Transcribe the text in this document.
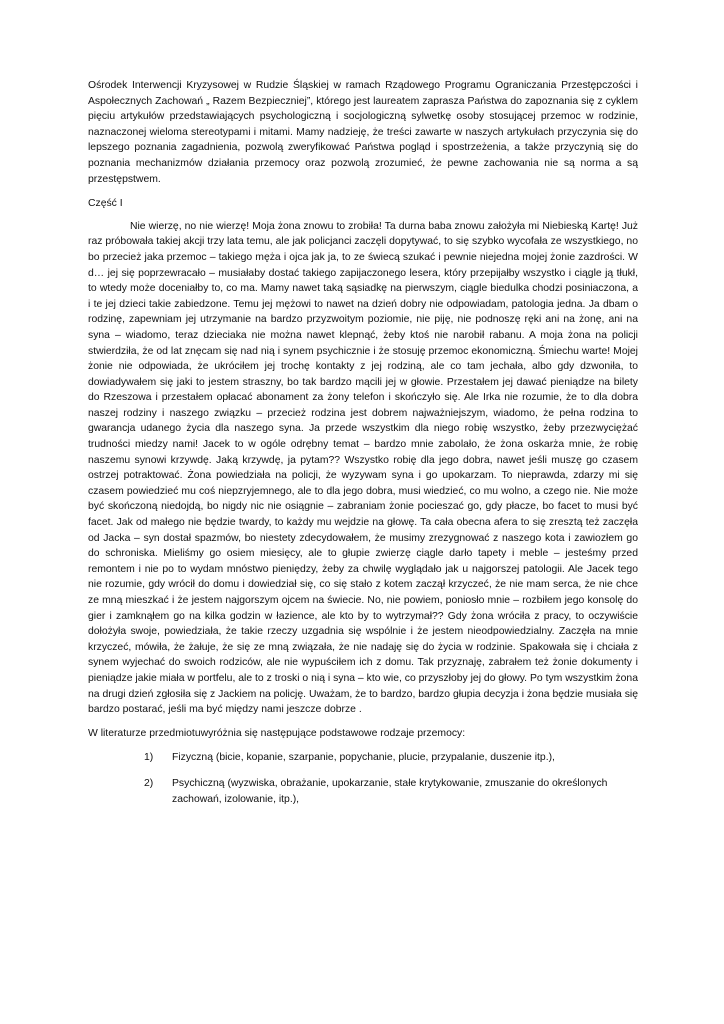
Ośrodek Interwencji Kryzysowej w Rudzie Śląskiej w ramach Rządowego Programu Ograniczania Przestępczości i Aspołecznych Zachowań „ Razem Bezpieczniej”, którego jest laureatem zaprasza Państwa do zapoznania się z cyklem pięciu artykułów przedstawiających psychologiczną i socjologiczną sylwetkę osoby stosującej przemoc w rodzinie, naznaczonej wieloma stereotypami i mitami. Mamy nadzieję, że treści zawarte w naszych artykułach przyczynia się do lepszego poznania zagadnienia, pozwolą zweryfikować Państwa pogląd i spostrzeżenia, a także przyczynią się do poznania mechanizmów działania przemocy oraz pozwolą zrozumieć, że pewne zachowania nie są norma a są przestępstwem.

Część I

Nie wierzę, no nie wierzę! Moja żona znowu to zrobiła! Ta durna baba znowu założyła mi Niebieską Kartę! Już raz próbowała takiej akcji trzy lata temu, ale jak policjanci zaczęli dopytywać, to się szybko wycofała ze wszystkiego, no bo przecież jaka przemoc – takiego męża i ojca jak ja, to ze świecą szukać i pewnie niejedna mojej żonie zazdrości. W d… jej się poprzewracało – musiałaby dostać takiego zapijaczonego lesera, który przepijałby wszystko i ciągle ją tłukł, to wtedy może doceniałby to, co ma. Mamy nawet taką sąsiadkę na pierwszym, ciągle biedulka chodzi posiniaczona, a i te jej dzieci takie zabiedzone. Temu jej mężowi to nawet na dzień dobry nie odpowiadam, patologia jedna. Ja dbam o rodzinę, zapewniam jej utrzymanie na bardzo przyzwoitym poziomie, nie piję, nie podnoszę ręki ani na żonę, ani na syna – wiadomo, teraz dzieciaka nie można nawet klepnąć, żeby ktoś nie narobił rabanu. A moja żona na policji stwierdziła, że od lat znęcam się nad nią i synem psychicznie i że stosuję przemoc ekonomiczną. Śmiechu warte! Mojej żonie nie odpowiada, że ukróciłem jej trochę kontakty z jej rodziną, ale co tam jechała, albo gdy dzwoniła, to dowiadywałem się jaki to jestem straszny, bo tak bardzo mącili jej w głowie. Przestałem jej dawać pieniądze na bilety do Rzeszowa i przestałem opłacać abonament za żony telefon i skończyło się. Ale Irka nie rozumie, że to dla dobra naszej rodziny i naszego związku – przecież rodzina jest dobrem najważniejszym, wiadomo, że pełna rodzina to gwarancja udanego życia dla naszego syna. Ja przede wszystkim dla niego robię wszystko, żeby przezwyciężać trudności miedzy nami! Jacek to w ogóle odrębny temat – bardzo mnie zabolało, że żona oskarża mnie, że robię naszemu synowi krzywdę. Jaką krzywdę, ja pytam?? Wszystko robię dla jego dobra, nawet jeśli muszę go czasem ostrzej potraktować. Żona powiedziała na policji, że wyzywam syna i go upokarzam. To nieprawda, zdarzy mi się czasem powiedzieć mu coś niepzryjemnego, ale to dla jego dobra, musi wiedzieć, co mu wolno, a czego nie. Nie może być skończoną niedojdą, bo nigdy nic nie osiągnie – zabraniam żonie pocieszać go, gdy płacze, bo facet to musi być facet. Jak od małego nie będzie twardy, to każdy mu wejdzie na głowę. Ta cała obecna afera to się zresztą też zaczęła od Jacka – syn dostał spazmów, bo niestety zdecydowałem, że musimy zrezygnować z naszego kota i zawiozłem go do schroniska. Mieliśmy go osiem miesięcy, ale to głupie zwierzę ciągle darło tapety i meble – jesteśmy przed remontem i nie po to wydam mnóstwo pieniędzy, żeby za chwilę wyglądało jak u najgorszej patologii. Ale Jacek tego nie rozumie, gdy wrócił do domu i dowiedział się, co się stało z kotem zaczął krzyczeć, że nie mam serca, że nie chce ze mną mieszkać i że jestem najgorszym ojcem na świecie. No, nie powiem, poniosło mnie – rozbiłem jego konsolę do gier i zamknąłem go na kilka godzin w łazience, ale kto by to wytrzymał?? Gdy żona wróciła z pracy, to oczywiście dołożyła swoje, powiedziała, że takie rzeczy uzgadnia się wspólnie i że jestem nieodpowiedzialny. Zaczęła na mnie krzyczeć, mówiła, że żałuje, że się ze mną związała, że nie nadaję się do życia w rodzinie. Spakowała się i chciała z synem wyjechać do swoich rodziców, ale nie wypuściłem ich z domu. Tak przyznaję, zabrałem też żonie dokumenty i pieniądze jakie miała w portfelu, ale to z troski o nią i syna – kto wie, co przyszłoby jej do głowy. Po tym wszystkim żona na drugi dzień zgłosiła się z Jackiem na policję. Uważam, że to bardzo, bardzo głupia decyzja i żona będzie musiała się bardzo postarać, jeśli ma być między nami jeszcze dobrze .

W literaturze przedmiotuwyróżnia się następujące podstawowe rodzaje przemocy:

1)	Fizyczną (bicie, kopanie, szarpanie, popychanie, plucie, przypalanie, duszenie itp.),
2)	Psychiczną (wyzwiska, obrażanie, upokarzanie, stałe krytykowanie, zmuszanie do określonych zachowań, izolowanie, itp.),
